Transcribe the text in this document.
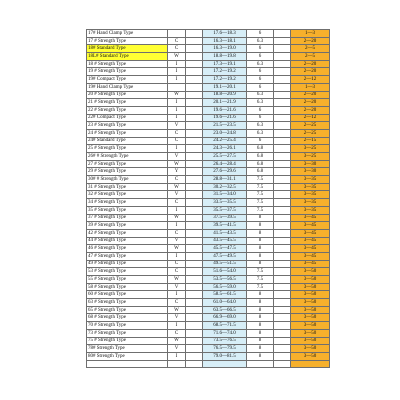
17# Hand Clamp Type			17.6—18.3	6		1—3
17 # Strength Type	C		16.3—18.1	6.3		2—20
18# Standard Type	C		16.3—19.0	6		2—5
18L# Standard Type	W		18.8—19.8	6		2—5
18 # Strength Type	I		17.3—19.1	6.3		2—20
19 # Strength Type	I		17.2—19.2	6		2—20
19# Compact Type	I		17.2—19.2	6		2—12
19# Hand Clamp Type			19.1—20.1	6		1—3
20 # Strength Type	W		18.8—20.9	6.3		2—20
21 # Strength Type	I		20.1—21.9	6.3		2—20
22 # Strength Type	I		19.6—21.6	6		2—20
22# Compact Type	I		19.6—21.6	6		2—12
23 # Strength Type	V		21.5—23.5	6.3		2—25
24 # Strength Type	C		23.0—24.8	6.3		2—25
24# Standard Type	C		24.2—25.4	6		2—15
25 # Strength Type	I		24.3—26.1	6.8		3—25
26# # Strength Type	V		25.5—27.5	6.8		3—25
27 # Strength Type	W		26.4—28.4	6.8		3—30
29 # Strength Type	Y		27.6—29.6	6.8		3—30
30# # Strength Type	C		28.8—31.1	7.5		3—35
31 # Strength Type	W		30.2—32.5	7.5		3—35
32 # Strength Type	V		31.5—34.0	7.5		3—35
34 # Strength Type	C		33.5—35.5	7.5		3—35
35 # Strength Type	I		35.5—37.5	7.5		3—35
37 # Strength Type	W		37.5—39.5	8		3—45
39 # Strength Type	I		39.5—41.5	8		3—45
42 # Strength Type	C		41.5—43.5	8		3—45
44 # Strength Type	V		43.5—45.5	8		3—45
46 # Strength Type	W		45.5—47.5	8		3—45
47 # Strength Type	I		47.5—49.5	8		3—45
49 # Strength Type	C		49.5—51.5	8		3—45
53 # Strength Type	C		51.6—54.0	7.5		3—50
55 # Strength Type	W		53.5—56.5	7.5		3—50
58 # Strength Type	V		56.5—59.0	7.5		3—50
60 # Strength Type	I		58.5—61.5	8		3—50
63 # Strength Type	C		61.0—64.0	8		3—50
65 # Strength Type	W		63.5—66.5	8		3—50
68 # Strength Type	V		66.9—69.0	8		3—50
70 # Strength Type	I		68.5—71.5	8		3—50
73 # Strength Type	C		71.6—74.0	8		3—50
75 # Strength Type	W		73.5—76.5	8		3—50
78# Strength Type	V		76.5—79.5	8		3—50
80# Strength Type	I		79.0—81.5	8		3—50
